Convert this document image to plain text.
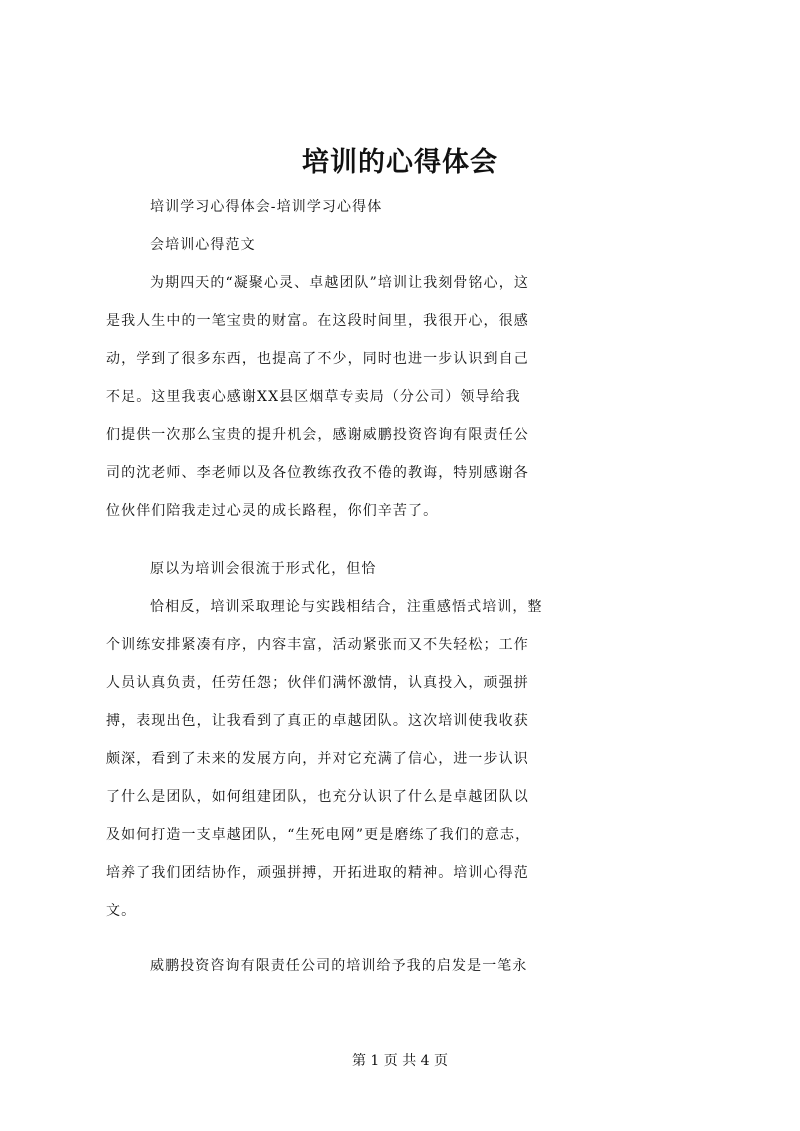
培训的心得体会
培训学习心得体会-培训学习心得体
会培训心得范文
为期四天的“凝聚心灵、卓越团队”培训让我刻骨铭心，这
是我人生中的一笔宝贵的财富。在这段时间里，我很开心，很感
动，学到了很多东西，也提高了不少，同时也进一步认识到自己
不足。这里我衷心感谢XX县区烟草专卖局（分公司）领导给我
们提供一次那么宝贵的提升机会，感谢威鹏投资咨询有限责任公
司的沈老师、李老师以及各位教练孜孜不倦的教诲，特别感谢各
位伙伴们陪我走过心灵的成长路程，你们辛苦了。
原以为培训会很流于形式化，但恰
恰相反，培训采取理论与实践相结合，注重感悟式培训，整
个训练安排紧凑有序，内容丰富，活动紧张而又不失轻松；工作
人员认真负责，任劳任怨；伙伴们满怀激情，认真投入，顽强拼
搏，表现出色，让我看到了真正的卓越团队。这次培训使我收获
颇深，看到了未来的发展方向，并对它充满了信心，进一步认识
了什么是团队，如何组建团队，也充分认识了什么是卓越团队以
及如何打造一支卓越团队，“生死电网”更是磨练了我们的意志，
培养了我们团结协作，顽强拼搏，开拓进取的精神。培训心得范
文。
威鹏投资咨询有限责任公司的培训给予我的启发是一笔永
第 1 页 共 4 页
